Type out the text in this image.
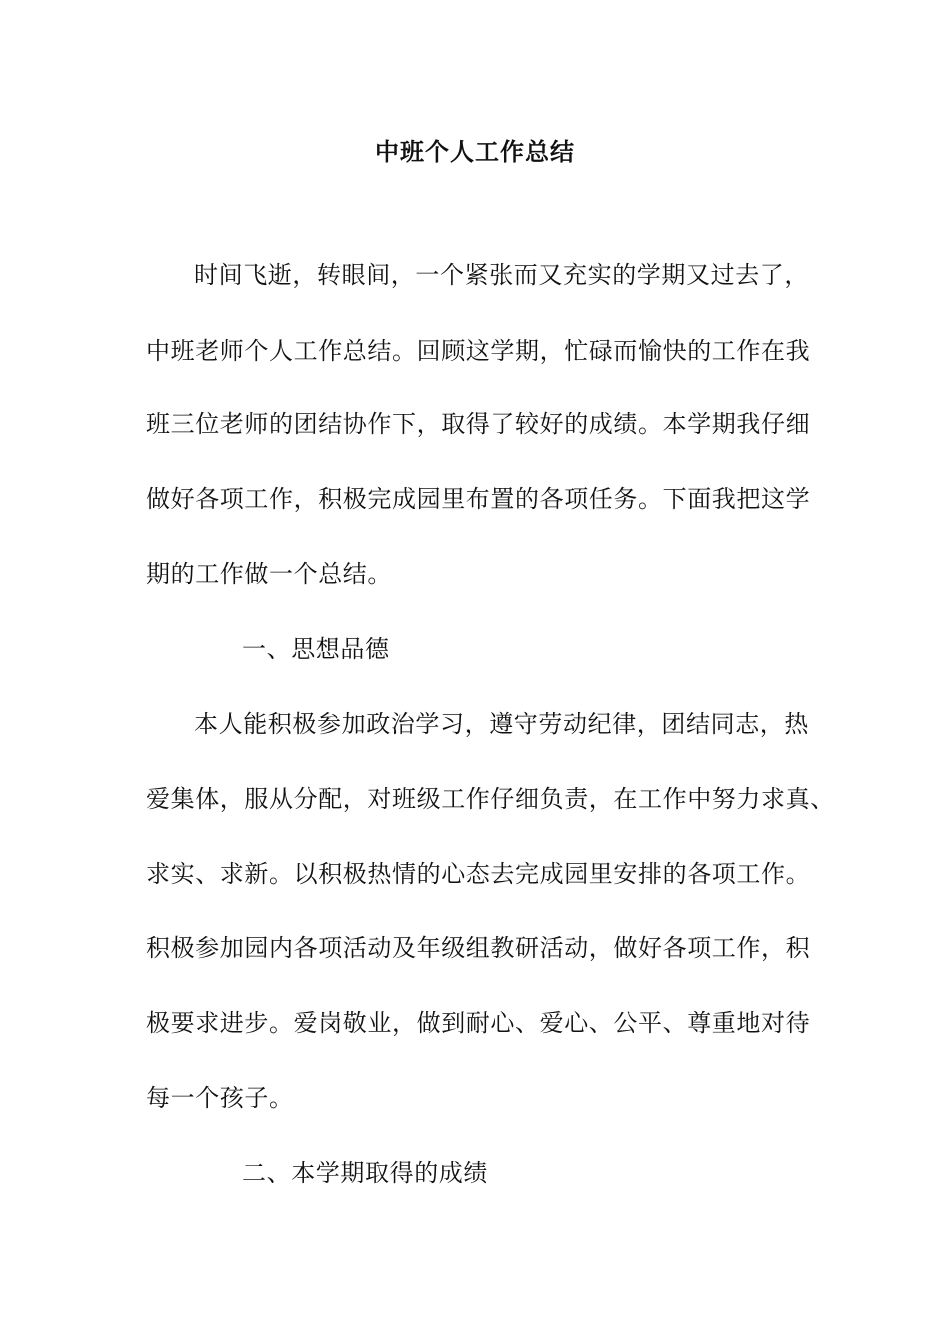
中班个人工作总结
时间飞逝，转眼间，一个紧张而又充实的学期又过去了，
中班老师个人工作总结。回顾这学期，忙碌而愉快的工作在我
班三位老师的团结协作下，取得了较好的成绩。本学期我仔细
做好各项工作，积极完成园里布置的各项任务。下面我把这学
期的工作做一个总结。
一、思想品德
本人能积极参加政治学习，遵守劳动纪律，团结同志，热
爱集体，服从分配，对班级工作仔细负责，在工作中努力求真、
求实、求新。以积极热情的心态去完成园里安排的各项工作。
积极参加园内各项活动及年级组教研活动，做好各项工作，积
极要求进步。爱岗敬业，做到耐心、爱心、公平、尊重地对待
每一个孩子。
二、本学期取得的成绩
